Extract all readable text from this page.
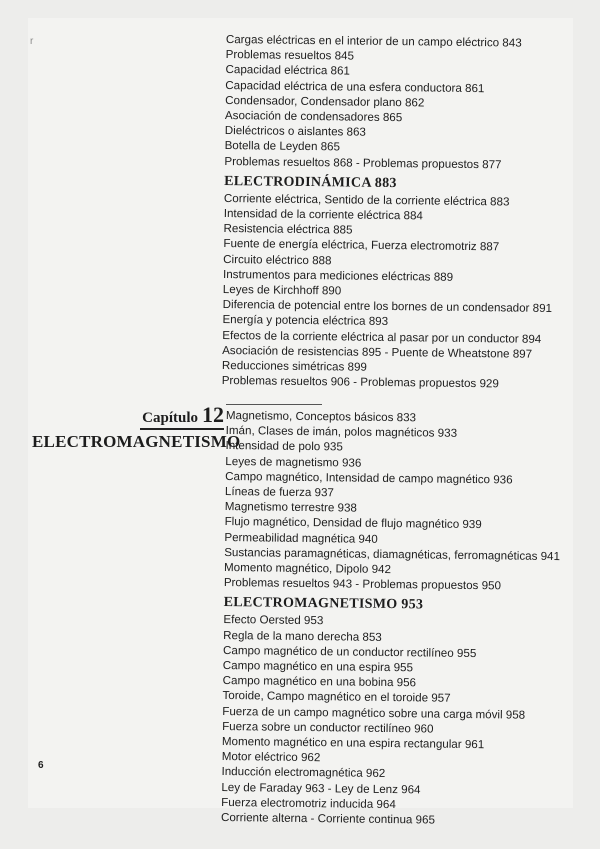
r	Cargas eléctricas en el interior de un campo eléctrico 843
Problemas resueltos 845
Capacidad eléctrica 861
Capacidad eléctrica de una esfera conductora 861
Condensador, Condensador plano 862
Asociación de condensadores 865
Dieléctricos o aislantes 863
Botella de Leyden 865
Problemas resueltos 868 - Problemas propuestos 877
ELECTRODINÁMICA 883
Corriente eléctrica, Sentido de la corriente eléctrica 883
Intensidad de la corriente eléctrica 884
Resistencia eléctrica 885
Fuente de energía eléctrica, Fuerza electromotriz 887
Circuito eléctrico 888
Instrumentos para mediciones eléctricas 889
Leyes de Kirchhoff 890
Diferencia de potencial entre los bornes de un condensador 891
Energía y potencia eléctrica 893
Efectos de la corriente eléctrica al pasar por un conductor 894
Asociación de resistencias 895 - Puente de Wheatstone 897
Reducciones simétricas 899
Problemas resueltos 906 - Problemas propuestos 929
Capítulo 12
ELECTROMAGNETISMO
Magnetismo, Conceptos básicos 833
Imán, Clases de imán, polos magnéticos 933
Intensidad de polo 935
Leyes de magnetismo 936
Campo magnético, Intensidad de campo magnético 936
Líneas de fuerza 937
Magnetismo terrestre 938
Flujo magnético, Densidad de flujo magnético 939
Permeabilidad magnética 940
Sustancias paramagnéticas, diamagnéticas, ferromagnéticas 941
Momento magnético, Dipolo 942
Problemas resueltos 943 - Problemas propuestos 950
ELECTROMAGNETISMO 953
Efecto Oersted 953
Regla de la mano derecha 853
Campo magnético de un conductor rectilíneo 955
Campo magnético en una espira 955
Campo magnético en una bobina 956
Toroide, Campo magnético en el toroide 957
Fuerza de un campo magnético sobre una carga móvil 958
Fuerza sobre un conductor rectilíneo 960
Momento magnético en una espira rectangular 961
Motor eléctrico 962
Inducción electromagnética 962
Ley de Faraday 963 - Ley de Lenz 964
Fuerza electromotriz inducida 964
Corriente alterna - Corriente continua 965
6
